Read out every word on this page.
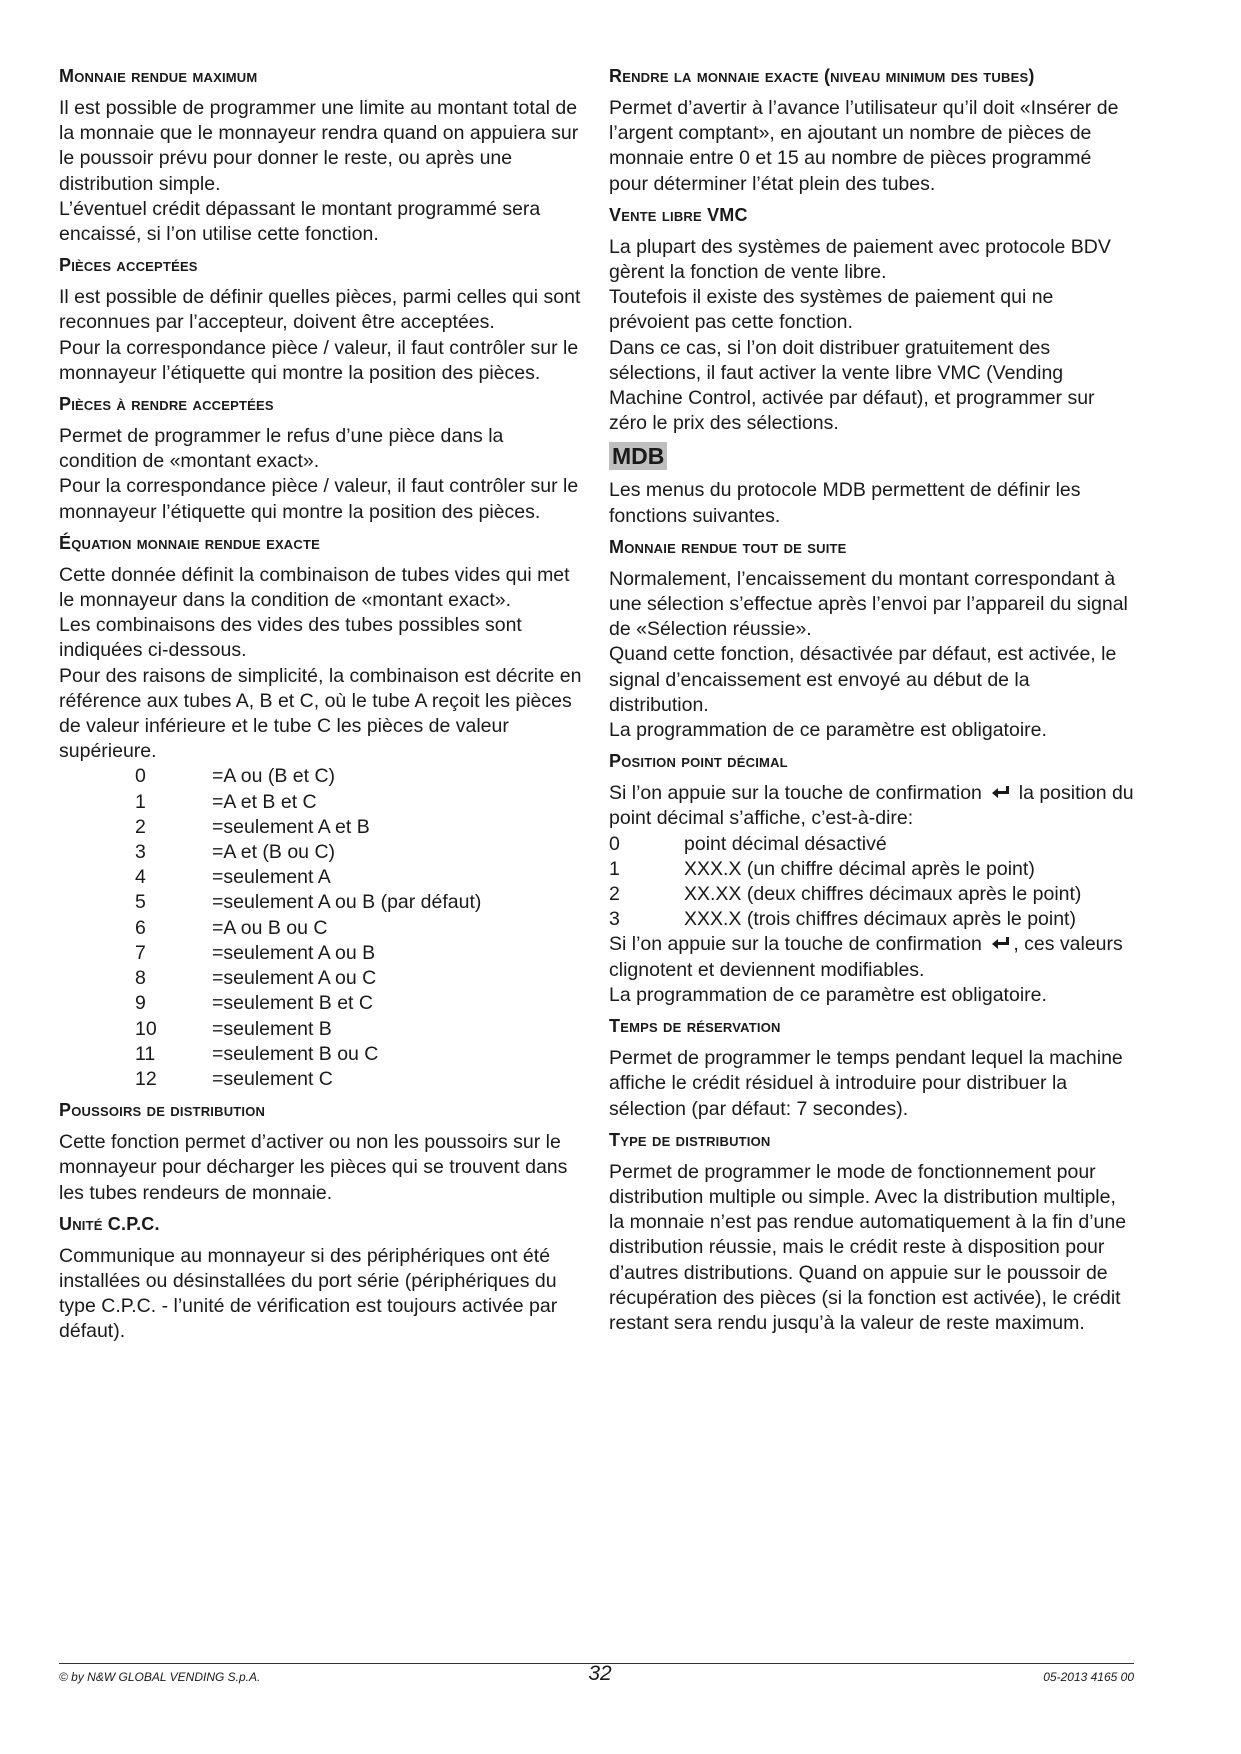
Monnaie rendue maximum

Il est possible de programmer une limite au montant total de la monnaie que le monnayeur rendra quand on appuiera sur le poussoir prévu pour donner le reste, ou après une distribution simple.

L’éventuel crédit dépassant le montant programmé sera encaissé, si l’on utilise cette fonction.

Pièces acceptées

Il est possible de définir quelles pièces, parmi celles qui sont reconnues par l’accepteur, doivent être acceptées.

Pour la correspondance pièce / valeur, il faut contrôler sur le monnayeur l’étiquette qui montre la position des pièces.

Pièces à rendre acceptées

Permet de programmer le refus d’une pièce dans la condition de «montant exact».

Pour la correspondance pièce / valeur, il faut contrôler sur le monnayeur l’étiquette qui montre la position des pièces.

Équation monnaie rendue exacte

Cette donnée définit la combinaison de tubes vides qui met le monnayeur dans la condition de «montant exact».

Les combinaisons des vides des tubes possibles sont indiquées ci-dessous.

Pour des raisons de simplicité, la combinaison est décrite en référence aux tubes A, B et C, où le tube A reçoit les pièces de valeur inférieure et le tube C les pièces de valeur supérieure.

0	=	A ou (B et C)
1	=	A et B et C
2	=	seulement A et B
3	=	A et (B ou C)
4	=	seulement A
5	=	seulement A ou B (par défaut)
6	=	A ou B ou C
7	=	seulement A ou B
8	=	seulement A ou C
9	=	seulement B et C
10	=	seulement B
11	=	seulement B ou C
12	=	seulement C
Poussoirs de distribution

Cette fonction permet d’activer ou non les poussoirs sur le monnayeur pour décharger les pièces qui se trouvent dans les tubes rendeurs de monnaie.

Unité C.P.C.

Communique au monnayeur si des périphériques ont été installées ou désinstallées du port série (périphériques du type C.P.C. - l’unité de vérification est toujours activée par défaut).

Rendre la monnaie exacte (niveau minimum des tubes)

Permet d’avertir à l’avance l’utilisateur qu’il doit «Insérer de l’argent comptant», en ajoutant un nombre de pièces de monnaie entre 0 et 15 au nombre de pièces programmé pour déterminer l’état plein des tubes.

Vente libre VMC

La plupart des systèmes de paiement avec protocole BDV gèrent la fonction de vente libre.

Toutefois il existe des systèmes de paiement qui ne prévoient pas cette fonction.

Dans ce cas, si l’on doit distribuer gratuitement des sélections, il faut activer la vente libre VMC (Vending Machine Control, activée par défaut), et programmer sur zéro le prix des sélections.

MDB

Les menus du protocole MDB permettent de définir les fonctions suivantes.

Monnaie rendue tout de suite

Normalement, l’encaissement du montant correspondant à une sélection s’effectue après l’envoi par l’appareil du signal de «Sélection réussie».

Quand cette fonction, désactivée par défaut, est activée, le signal d’encaissement est envoyé au début de la distribution.

La programmation de ce paramètre est obligatoire.

Position point décimal

Si l’on appuie sur la touche de confirmation la position du point décimal s’affiche, c’est-à-dire:

0	point décimal désactivé
1	XXX.X (un chiffre décimal après le point)
2	XX.XX (deux chiffres décimaux après le point)
3	XXX.X (trois chiffres décimaux après le point)

Si l’on appuie sur la touche de confirmation , ces valeurs clignotent et deviennent modifiables.

La programmation de ce paramètre est obligatoire.

Temps de réservation

Permet de programmer le temps pendant lequel la machine affiche le crédit résiduel à introduire pour distribuer la sélection (par défaut: 7 secondes).

Type de distribution

Permet de programmer le mode de fonctionnement pour distribution multiple ou simple. Avec la distribution multiple, la monnaie n’est pas rendue automatiquement à la fin d’une distribution réussie, mais le crédit reste à disposition pour d’autres distributions. Quand on appuie sur le poussoir de récupération des pièces (si la fonction est activée), le crédit restant sera rendu jusqu’à la valeur de reste maximum.

© by N&W GLOBAL VENDING S.p.A.	32	05-2013 4165 00
